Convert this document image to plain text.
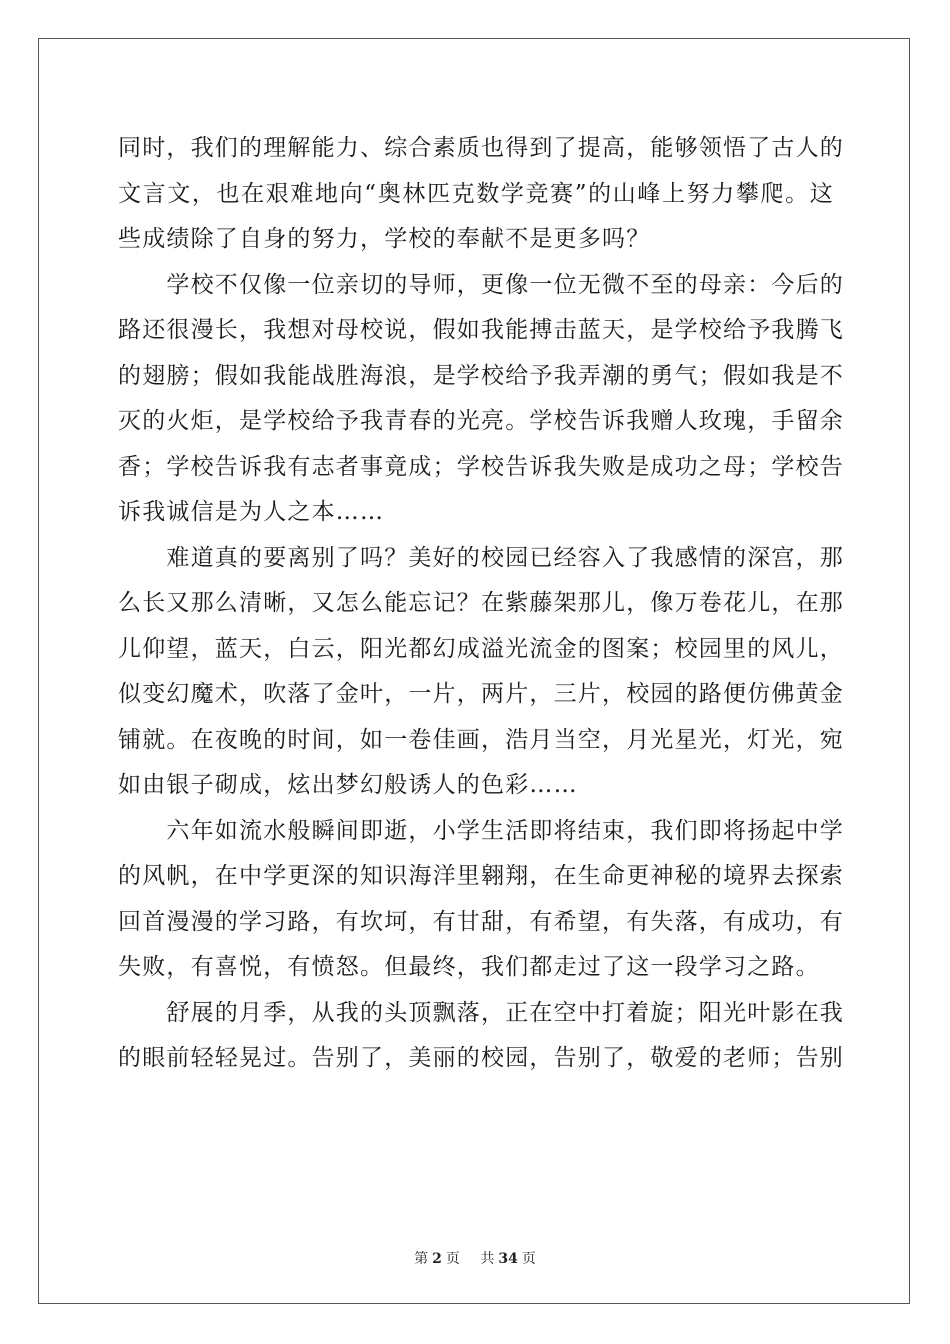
同时，我们的理解能力、综合素质也得到了提高，能够领悟了古人的
文言文，也在艰难地向“奥林匹克数学竞赛”的山峰上努力攀爬。这
些成绩除了自身的努力，学校的奉献不是更多吗？

　　学校不仅像一位亲切的导师，更像一位无微不至的母亲：今后的
路还很漫长，我想对母校说，假如我能搏击蓝天，是学校给予我腾飞
的翅膀；假如我能战胜海浪，是学校给予我弄潮的勇气；假如我是不
灭的火炬，是学校给予我青春的光亮。学校告诉我赠人玫瑰，手留余
香；学校告诉我有志者事竟成；学校告诉我失败是成功之母；学校告
诉我诚信是为人之本……

　　难道真的要离别了吗？美好的校园已经容入了我感情的深宫，那
么长又那么清晰，又怎么能忘记？在紫藤架那儿，像万卷花儿，在那
儿仰望，蓝天，白云，阳光都幻成溢光流金的图案；校园里的风儿，
似变幻魔术，吹落了金叶，一片，两片，三片，校园的路便仿佛黄金
铺就。在夜晚的时间，如一卷佳画，浩月当空，月光星光，灯光，宛
如由银子砌成，炫出梦幻般诱人的色彩……

　　六年如流水般瞬间即逝，小学生活即将结束，我们即将扬起中学
的风帆，在中学更深的知识海洋里翱翔，在生命更神秘的境界去探索
回首漫漫的学习路，有坎坷，有甘甜，有希望，有失落，有成功，有
失败，有喜悦，有愤怒。但最终，我们都走过了这一段学习之路。

　　舒展的月季，从我的头顶飘落，正在空中打着旋；阳光叶影在我
的眼前轻轻晃过。告别了，美丽的校园，告别了，敬爱的老师；告别

第 2 页 共 34 页
